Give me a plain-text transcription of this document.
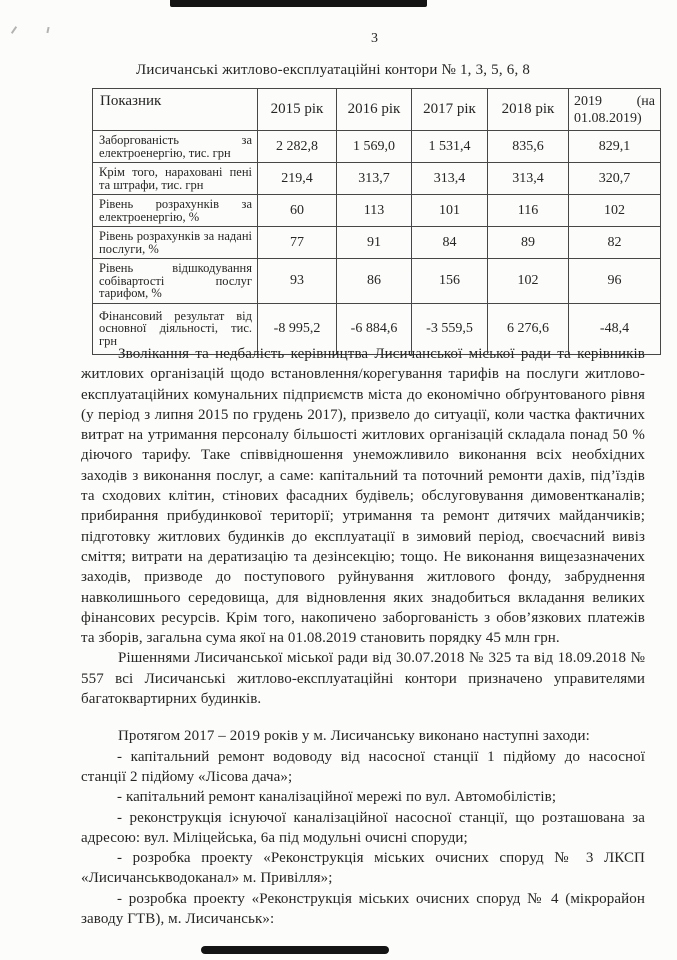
3
Лисичанські житлово-експлуатаційні контори № 1, 3, 5, 6, 8
Показник	2015 рік	2016 рік	2017 рік	2018 рік	2019 (на 01.08.2019)
Заборгованість за електроенергію, тис. грн	2 282,8	1 569,0	1 531,4	835,6	829,1
Крім того, нараховані пені та штрафи, тис. грн	219,4	313,7	313,4	313,4	320,7
Рівень розрахунків за електроенергію, %	60	113	101	116	102
Рівень розрахунків за надані послуги, %	77	91	84	89	82
Рівень відшкодування собівартості послуг тарифом, %	93	86	156	102	96
Фінансовий результат від основної діяльності, тис. грн	-8 995,2	-6 884,6	-3 559,5	6 276,6	-48,4

Зволікання та недбалість керівництва Лисичанської міської ради та керівників житлових організацій щодо встановлення/корегування тарифів на послуги житлово-експлуатаційних комунальних підприємств міста до економічно обґрунтованого рівня (у період з липня 2015 по грудень 2017), призвело до ситуації, коли частка фактичних витрат на утримання персоналу більшості житлових організацій складала понад 50 % діючого тарифу. Таке співвідношення унеможливило виконання всіх необхідних заходів з виконання послуг, а саме: капітальний та поточний ремонти дахів, під’їздів та сходових клітин, стінових фасадних будівель; обслуговування димовентканалів; прибирання прибудинкової території; утримання та ремонт дитячих майданчиків; підготовку житлових будинків до експлуатації в зимовий період, своєчасний вивіз сміття; витрати на дератизацію та дезінсекцію; тощо. Не виконання вищезазначених заходів, призводе до поступового руйнування житлового фонду, забруднення навколишнього середовища, для відновлення яких знадобиться вкладання великих фінансових ресурсів. Крім того, накопичено заборгованість з обов’язкових платежів та зборів, загальна сума якої на 01.08.2019 становить порядку 45 млн грн.

Рішеннями Лисичанської міської ради від 30.07.2018 № 325 та від 18.09.2018 № 557 всі Лисичанські житлово-експлуатаційні контори призначено управителями багатоквартирних будинків.

Протягом 2017 – 2019 років у м. Лисичанську виконано наступні заходи:

- капітальний ремонт водоводу від насосної станції 1 підйому до насосної станції 2 підйому «Лісова дача»;
- капітальний ремонт каналізаційної мережі по вул. Автомобілістів;
- реконструкція існуючої каналізаційної насосної станції, що розташована за адресою: вул. Міліцейська, 6а під модульні очисні споруди;
- розробка проекту «Реконструкція міських очисних споруд № 3 ЛКСП «Лисичанськводоканал» м. Привілля»;
- розробка проекту «Реконструкція міських очисних споруд № 4 (мікрорайон заводу ГТВ), м. Лисичанськ»:
